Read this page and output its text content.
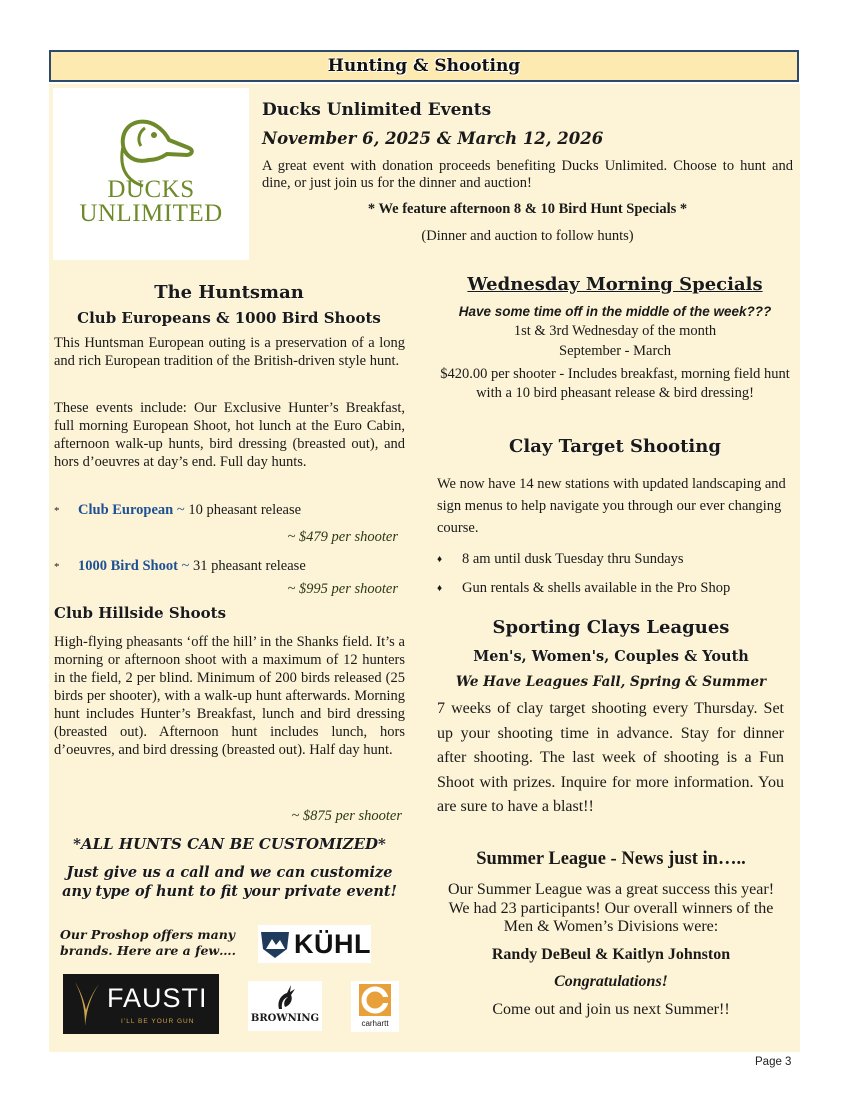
Hunting & Shooting
DUCKS
UNLIMITED
Ducks Unlimited Events
November 6, 2025 & March 12, 2026

A great event with donation proceeds benefiting Ducks Unlimited. Choose to hunt and dine, or just join us for the dinner and auction!

* We feature afternoon 8 & 10 Bird Hunt Specials *
(Dinner and auction to follow hunts)
The Huntsman
Club Europeans & 1000 Bird Shoots

This Huntsman European outing is a preservation of a long and rich European tradition of the British-driven style hunt.

These events include: Our Exclusive Hunter’s Breakfast, full morning European Shoot, hot lunch at the Euro Cabin, afternoon walk-up hunts, bird dressing (breasted out), and hors d’oeuvres at day’s end. Full day hunts.

*	Club European ~ 10 pheasant release
~ $479 per shooter
*	1000 Bird Shoot ~ 31 pheasant release
~ $995 per shooter
Club Hillside Shoots

High-flying pheasants ‘off the hill’ in the Shanks field. It’s a morning or afternoon shoot with a maximum of 12 hunters in the field, 2 per blind. Minimum of 200 birds released (25 birds per shooter), with a walk-up hunt afterwards. Morning hunt includes Hunter’s Breakfast, lunch and bird dressing (breasted out). Afternoon hunt includes lunch, hors d’oeuvres, and bird dressing (breasted out). Half day hunt.

~ $875 per shooter
*ALL HUNTS CAN BE CUSTOMIZED*
Just give us a call and we can customize any type of hunt to fit your private event!
Our Proshop offers many brands. Here are a few….	KÜHL
FAUSTI
I’LL BE YOUR GUN	BROWNING	carhartt
Wednesday Morning Specials
Have some time off in the middle of the week???
1st & 3rd Wednesday of the month
September - March
$420.00 per shooter - Includes breakfast, morning field hunt with a 10 bird pheasant release & bird dressing!
Clay Target Shooting

We now have 14 new stations with updated landscaping and sign menus to help navigate you through our ever changing course.

♦	8 am until dusk Tuesday thru Sundays
♦	Gun rentals & shells available in the Pro Shop
Sporting Clays Leagues
Men's, Women's, Couples & Youth
We Have Leagues Fall, Spring & Summer

7 weeks of clay target shooting every Thursday. Set up your shooting time in advance. Stay for dinner after shooting. The last week of shooting is a Fun Shoot with prizes. Inquire for more information. You are sure to have a blast!!

Summer League - News just in…..
Our Summer League was a great success this year! We had 23 participants! Our overall winners of the Men & Women’s Divisions were:
Randy DeBeul & Kaitlyn Johnston
Congratulations!
Come out and join us next Summer!!
Page 3
